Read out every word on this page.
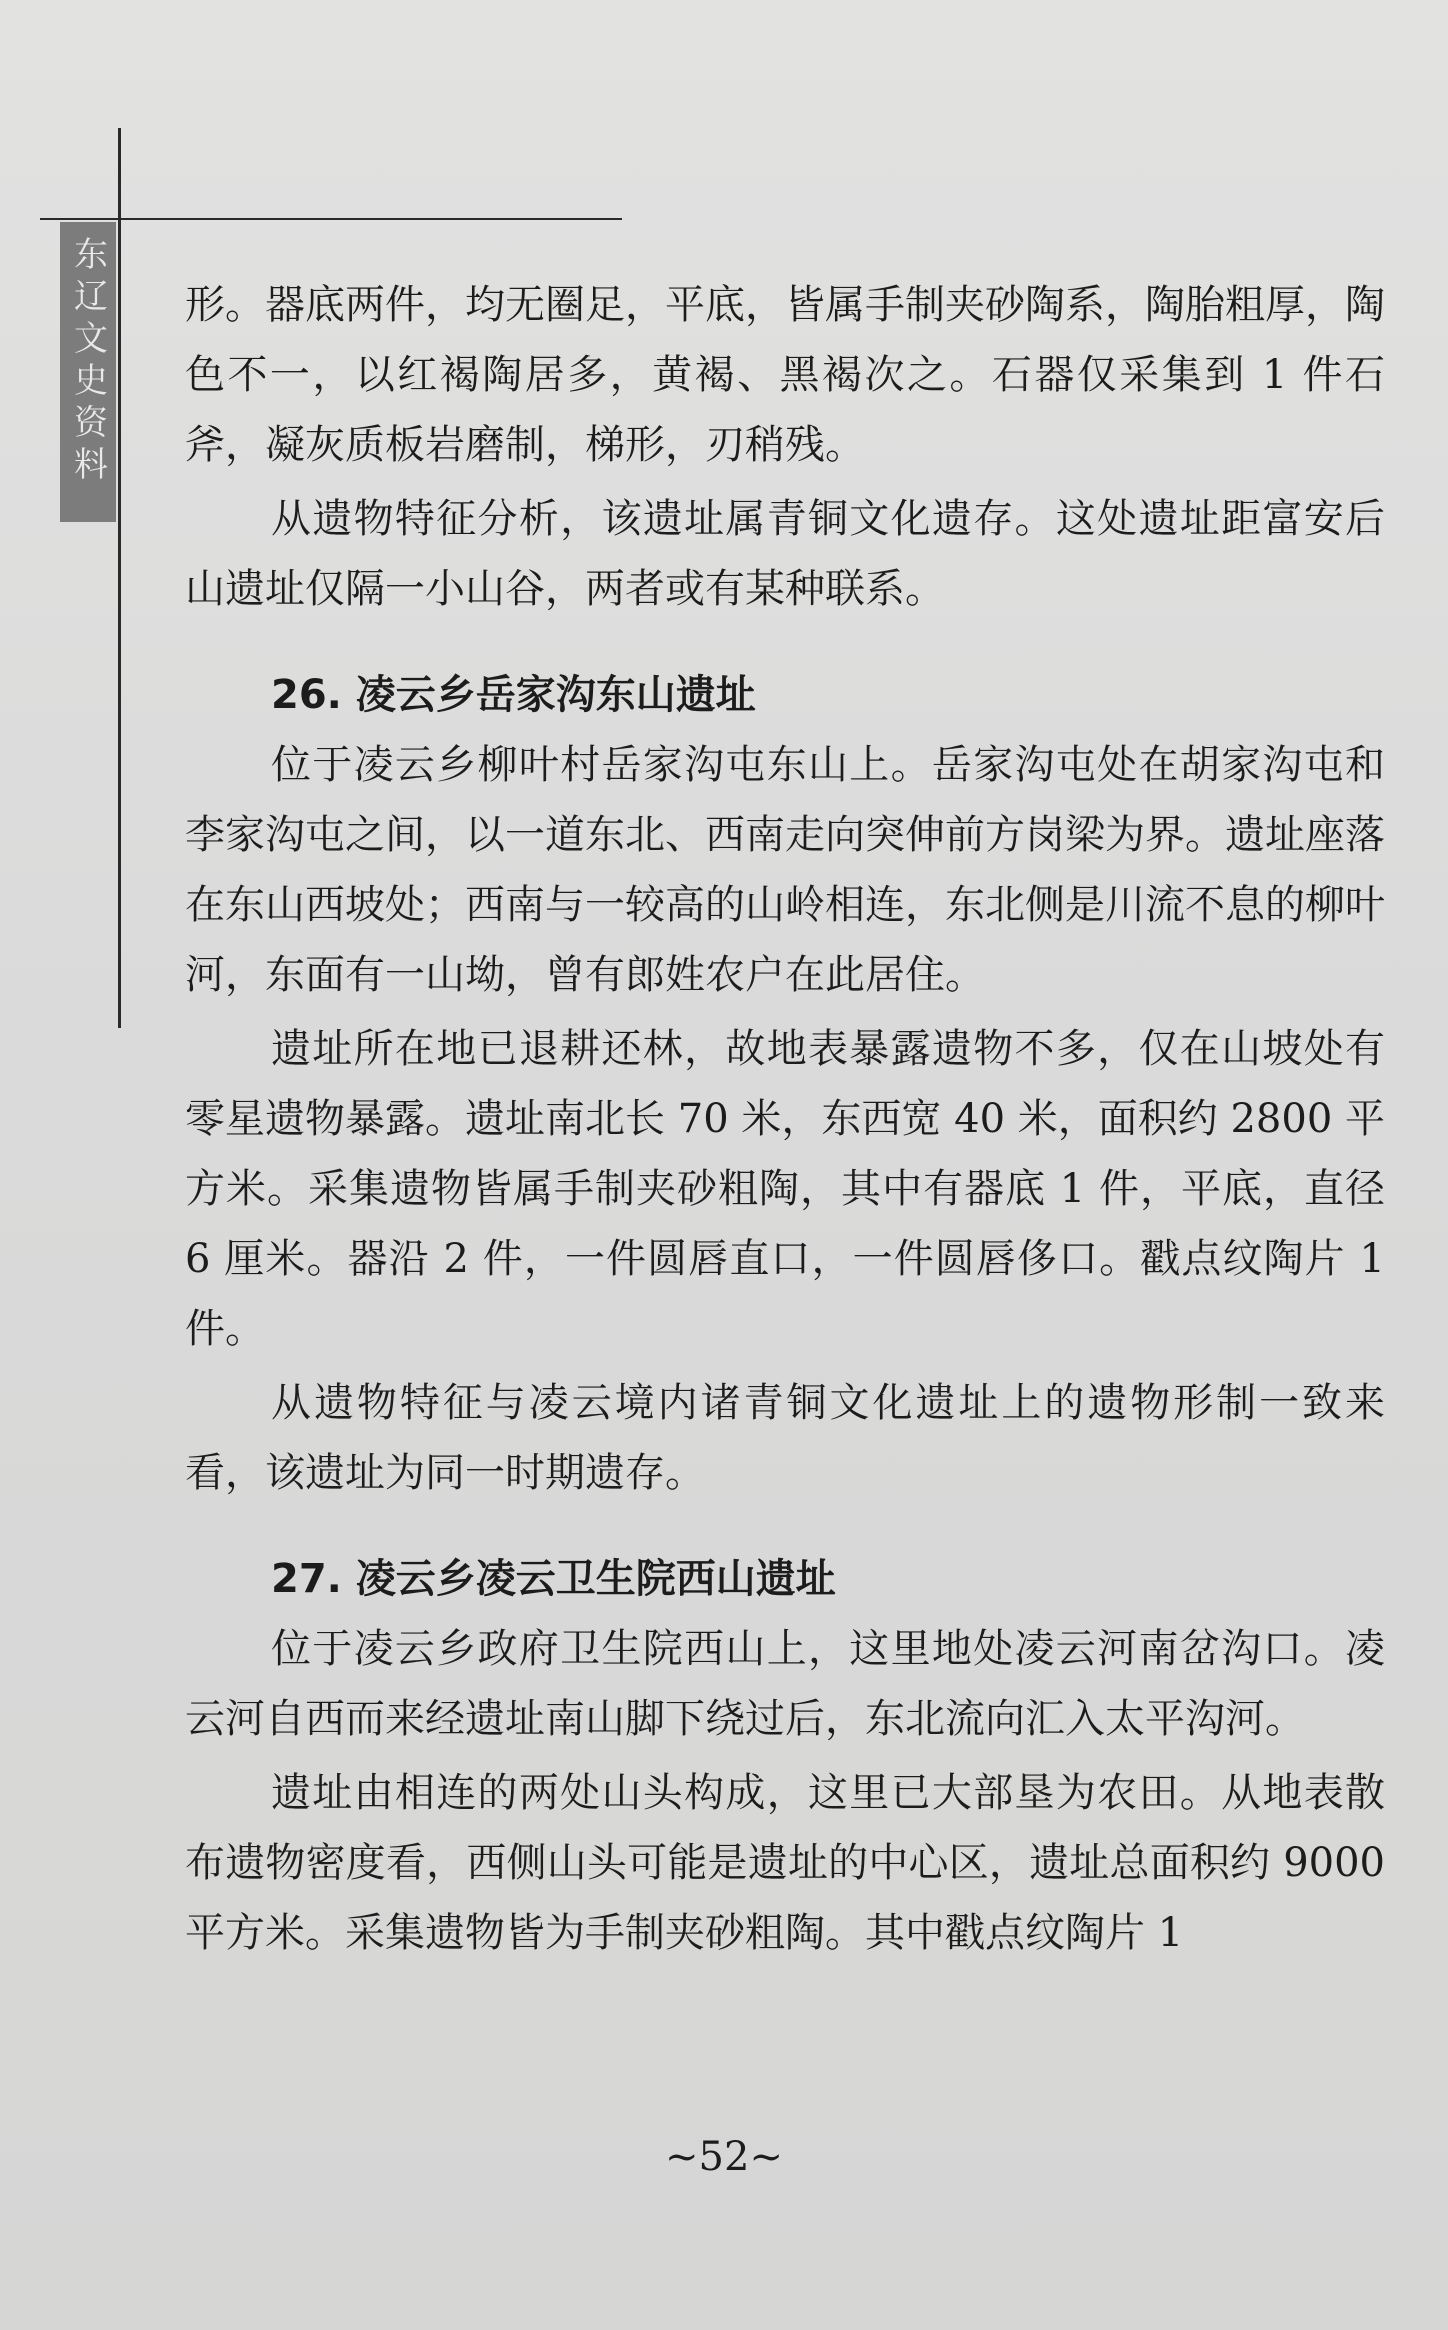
东辽文史资料 形。器底两件，均无圈足，平底，皆属手制夹砂陶系，陶胎粗厚，陶色不一，以红褐陶居多，黄褐、黑褐次之。石器仅采集到 1 件石斧，凝灰质板岩磨制，梯形，刃稍残。

从遗物特征分析，该遗址属青铜文化遗存。这处遗址距富安后山遗址仅隔一小山谷，两者或有某种联系。

26. 凌云乡岳家沟东山遗址

位于凌云乡柳叶村岳家沟屯东山上。岳家沟屯处在胡家沟屯和李家沟屯之间，以一道东北、西南走向突伸前方岗梁为界。遗址座落在东山西坡处；西南与一较高的山岭相连，东北侧是川流不息的柳叶河，东面有一山坳，曾有郎姓农户在此居住。

遗址所在地已退耕还林，故地表暴露遗物不多，仅在山坡处有零星遗物暴露。遗址南北长 70 米，东西宽 40 米，面积约 2800 平方米。采集遗物皆属手制夹砂粗陶，其中有器底 1 件，平底，直径 6 厘米。器沿 2 件，一件圆唇直口，一件圆唇侈口。戳点纹陶片 1 件。

从遗物特征与凌云境内诸青铜文化遗址上的遗物形制一致来看，该遗址为同一时期遗存。

27. 凌云乡凌云卫生院西山遗址

位于凌云乡政府卫生院西山上，这里地处凌云河南岔沟口。凌云河自西而来经遗址南山脚下绕过后，东北流向汇入太平沟河。

遗址由相连的两处山头构成，这里已大部垦为农田。从地表散布遗物密度看，西侧山头可能是遗址的中心区，遗址总面积约 9000 平方米。采集遗物皆为手制夹砂粗陶。其中戳点纹陶片 1

~52~
